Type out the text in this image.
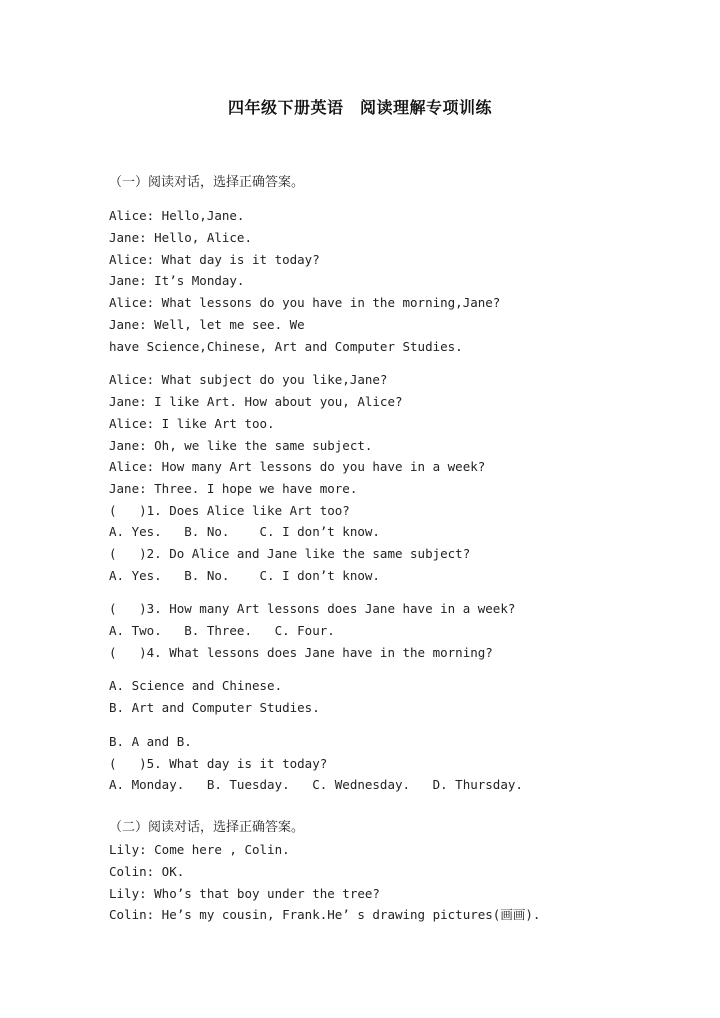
四年级下册英语　阅读理解专项训练
（一）阅读对话，选择正确答案。
Alice: Hello,Jane.
Jane: Hello, Alice.
Alice: What day is it today?
Jane: It’s Monday.
Alice: What lessons do you have in the morning,Jane?
Jane: Well, let me see. We
have Science,Chinese, Art and Computer Studies.
Alice: What subject do you like,Jane?
Jane: I like Art. How about you, Alice?
Alice: I like Art too.
Jane: Oh, we like the same subject.
Alice: How many Art lessons do you have in a week?
Jane: Three. I hope we have more.
(   )1. Does Alice like Art too?
A. Yes.   B. No.    C. I don’t know.
(   )2. Do Alice and Jane like the same subject?
A. Yes.   B. No.    C. I don’t know.
(   )3. How many Art lessons does Jane have in a week?
A. Two.   B. Three.   C. Four.
(   )4. What lessons does Jane have in the morning?
A. Science and Chinese.
B. Art and Computer Studies.
B. A and B.
(   )5. What day is it today?
A. Monday.   B. Tuesday.   C. Wednesday.   D. Thursday.
（二）阅读对话，选择正确答案。
Lily: Come here , Colin.
Colin: OK.
Lily: Who’s that boy under the tree?
Colin: He’s my cousin, Frank.He’ s drawing pictures(画画).
